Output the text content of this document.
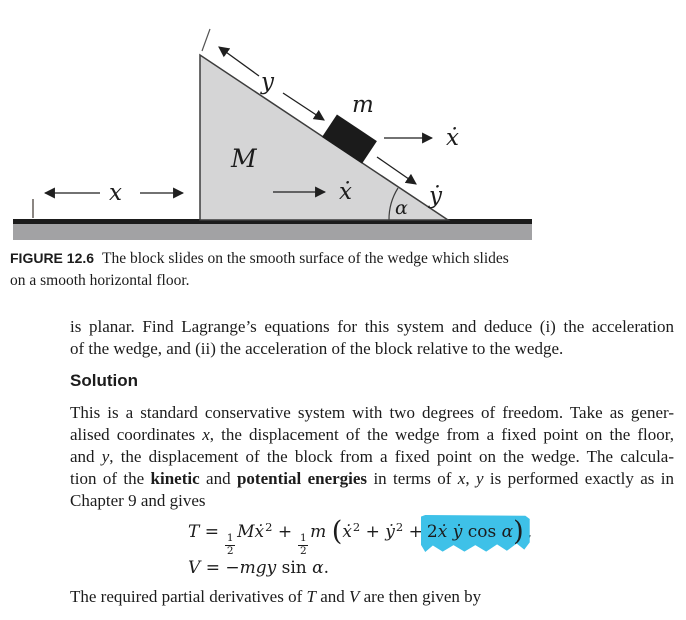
y
m
ẋ
ẏ
ẋ
M
α
x
FIGURE 12.6 The block slides on the smooth surface of the wedge which slides
on a smooth horizontal floor.
is planar. Find Lagrange’s equations for this system and deduce (i) the acceleration
of the wedge, and (ii) the acceleration of the block relative to the wedge.
Solution
This is a standard conservative system with two degrees of freedom. Take as gener-
alised coordinates x, the displacement of the wedge from a fixed point on the floor,
and y, the displacement of the block from a fixed point on the wedge. The calcula-
tion of the kinetic and potential energies in terms of x, y is performed exactly as in
Chapter 9 and gives
T =
$\frac{1}{2}$
Mẋ$^2$ +
$\frac{1}{2}$
m (ẋ$^2$ + ẏ$^2$ + 2ẋ ẏ cos α) ,
V = −mgy sin α.
The required partial derivatives of T and V are then given by
